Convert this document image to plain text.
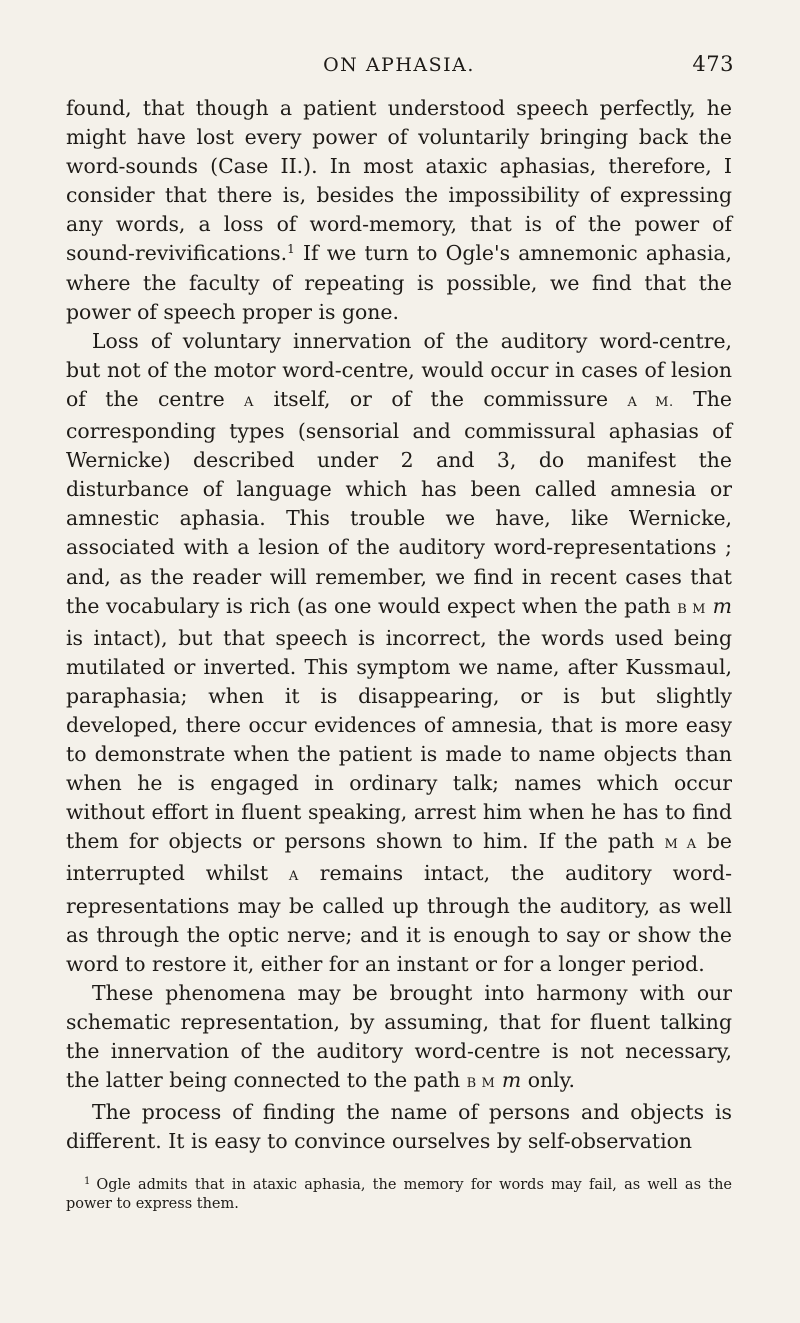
ON APHASIA.	473

found, that though a patient understood speech perfectly, he might have lost every power of voluntarily bringing back the word-sounds (Case II.). In most ataxic aphasias, therefore, I consider that there is, besides the impossibility of expressing any words, a loss of word-memory, that is of the power of sound-revivifications.$^1$ If we turn to Ogle's amnemonic aphasia, where the faculty of repeating is possible, we find that the power of speech proper is gone.

Loss of voluntary innervation of the auditory word-centre, but not of the motor word-centre, would occur in cases of lesion of the centre A itself, or of the commissure A M. The corresponding types (sensorial and commissural aphasias of Wernicke) described under 2 and 3, do manifest the disturbance of language which has been called amnesia or amnestic aphasia. This trouble we have, like Wernicke, associated with a lesion of the auditory word-representations ; and, as the reader will remember, we find in recent cases that the vocabulary is rich (as one would expect when the path B M m is intact), but that speech is incorrect, the words used being mutilated or inverted. This symptom we name, after Kussmaul, paraphasia; when it is disappearing, or is but slightly developed, there occur evidences of amnesia, that is more easy to demonstrate when the patient is made to name objects than when he is engaged in ordinary talk; names which occur without effort in fluent speaking, arrest him when he has to find them for objects or persons shown to him. If the path M A be interrupted whilst A remains intact, the auditory word-representations may be called up through the auditory, as well as through the optic nerve; and it is enough to say or show the word to restore it, either for an instant or for a longer period.

These phenomena may be brought into harmony with our schematic representation, by assuming, that for fluent talking the innervation of the auditory word-centre is not necessary, the latter being connected to the path B M m only.

The process of finding the name of persons and objects is different. It is easy to convince ourselves by self-observation

$^1$ Ogle admits that in ataxic aphasia, the memory for words may fail, as well as the power to express them.
